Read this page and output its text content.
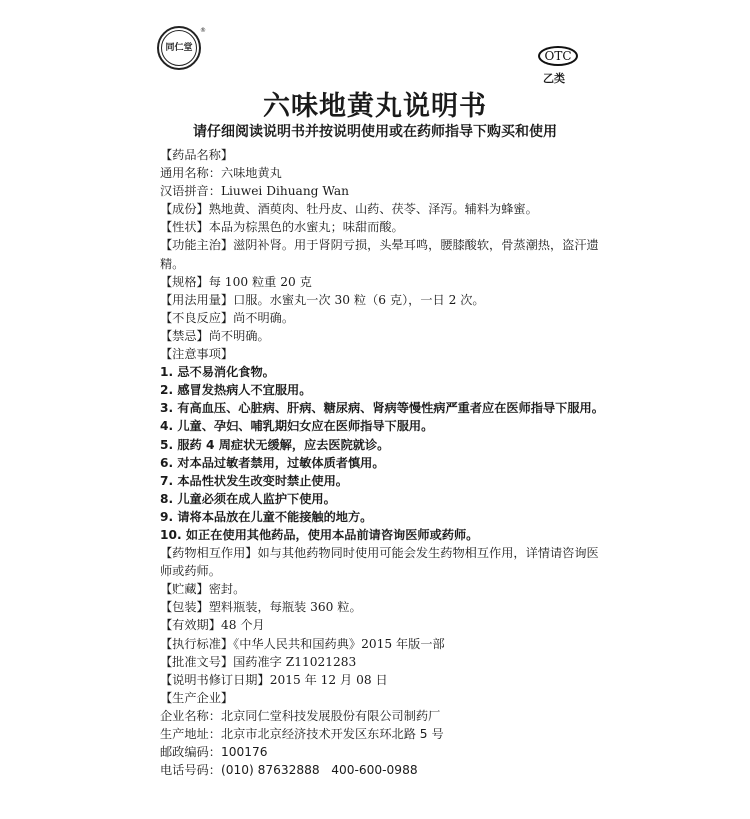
同仁堂
®
OTC
乙类
六味地黄丸说明书
请仔细阅读说明书并按说明使用或在药师指导下购买和使用
【药品名称】
通用名称：六味地黄丸
汉语拼音：Liuwei Dihuang Wan
【成份】熟地黄、酒萸肉、牡丹皮、山药、茯苓、泽泻。辅料为蜂蜜。
【性状】本品为棕黑色的水蜜丸；味甜而酸。
【功能主治】滋阴补肾。用于肾阴亏损，头晕耳鸣，腰膝酸软，骨蒸潮热，盗汗遗精。
【规格】每 100 粒重 20 克
【用法用量】口服。水蜜丸一次 30 粒（6 克），一日 2 次。
【不良反应】尚不明确。
【禁忌】尚不明确。
【注意事项】
1. 忌不易消化食物。
2. 感冒发热病人不宜服用。
3. 有高血压、心脏病、肝病、糖尿病、肾病等慢性病严重者应在医师指导下服用。
4. 儿童、孕妇、哺乳期妇女应在医师指导下服用。
5. 服药 4 周症状无缓解，应去医院就诊。
6. 对本品过敏者禁用，过敏体质者慎用。
7. 本品性状发生改变时禁止使用。
8. 儿童必须在成人监护下使用。
9. 请将本品放在儿童不能接触的地方。
10. 如正在使用其他药品，使用本品前请咨询医师或药师。
【药物相互作用】如与其他药物同时使用可能会发生药物相互作用，详情请咨询医师或药师。
【贮藏】密封。
【包装】塑料瓶装，每瓶装 360 粒。
【有效期】48 个月
【执行标准】《中华人民共和国药典》2015 年版一部
【批准文号】国药准字 Z11021283
【说明书修订日期】2015 年 12 月 08 日
【生产企业】
企业名称：北京同仁堂科技发展股份有限公司制药厂
生产地址：北京市北京经济技术开发区东环北路 5 号
邮政编码：100176
电话号码：(010) 87632888   400-600-0988
